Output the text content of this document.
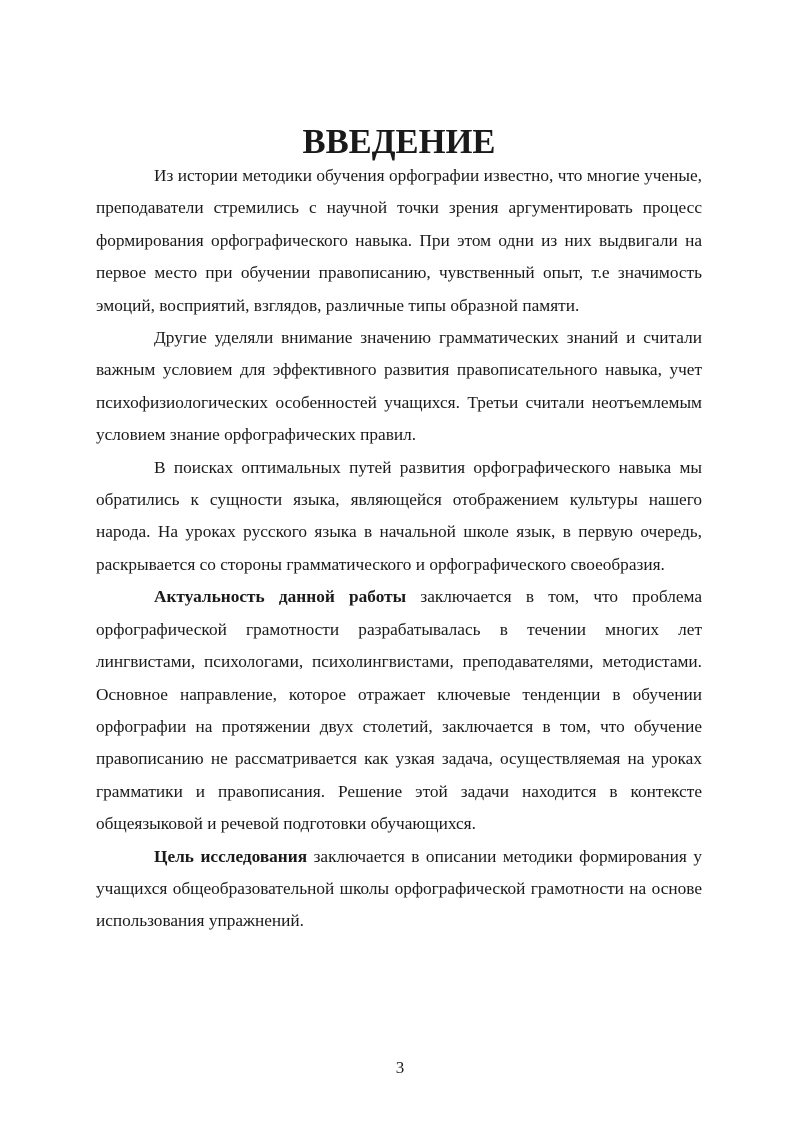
ВВЕДЕНИЕ

Из истории методики обучения орфографии известно, что многие ученые, преподаватели стремились с научной точки зрения аргументировать процесс формирования орфографического навыка. При этом одни из них выдвигали на первое место при обучении правописанию, чувственный опыт, т.е значимость эмоций, восприятий, взглядов, различные типы образной памяти.

Другие уделяли внимание значению грамматических знаний и считали важным условием для эффективного развития правописательного навыка, учет психофизиологических особенностей учащихся. Третьи считали неотъемлемым условием знание орфографических правил.

В поисках оптимальных путей развития орфографического навыка мы обратились к сущности языка, являющейся отображением культуры нашего народа. На уроках русского языка в начальной школе язык, в первую очередь, раскрывается со стороны грамматического и орфографического своеобразия.

Актуальность данной работы заключается в том, что проблема орфографической грамотности разрабатывалась в течении многих лет лингвистами, психологами, психолингвистами, преподавателями, методистами. Основное направление, которое отражает ключевые тенденции в обучении орфографии на протяжении двух столетий, заключается в том, что обучение правописанию не рассматривается как узкая задача, осуществляемая на уроках грамматики и правописания. Решение этой задачи находится в контексте общеязыковой и речевой подготовки обучающихся.

Цель исследования заключается в описании методики формирования у учащихся общеобразовательной школы орфографической грамотности на основе использования упражнений.

3
